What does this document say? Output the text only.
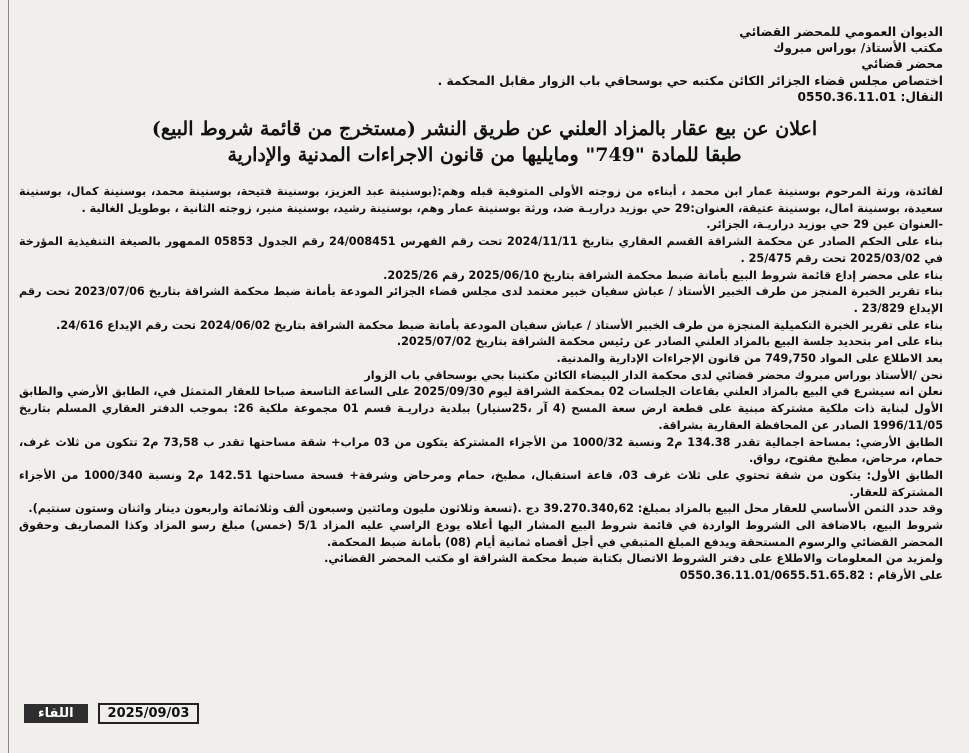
الديوان العمومي للمحضر القضائي
مكتب الأستاذ/ بوراس مبروك
محضر قضائي
اختصاص مجلس قضاء الجزائر الكائن مكتبه حي بوسحاقي باب الزوار مقابل المحكمة .
النقال: 0550.36.11.01
اعلان عن بيع عقار بالمزاد العلني عن طريق النشر (مستخرج من قائمة شروط البيع)
طبقا للمادة "749" ومايليها من قانون الاجراءات المدنية والإدارية

لفائدة، ورثة المرحوم بوسنينة عمار ابن محمد ، أبناءه من زوجته الأولى المتوفية قبله وهم:(بوسنينة عبد العزيز، بوسنينة فتيحة، بوسنينة محمد، بوسنينة كمال، بوسنينة سعيدة، بوسنينة امال، بوسنينة عتيقة، العنوان:29 حي بوزيد دراريـة ضد، ورثة بوسنينة عمار وهم، بوسنينة رشيد، بوسنينة منير، زوجته الثانية ، بوطويل الغالية .

-العنوان عين 29 حي بوزيد دراريـة، الجزائر.

بناء على الحكم الصادر عن محكمة الشراقة القسم العقاري بتاريخ 2024/11/11 تحت رقم الفهرس 24/008451 رقم الجدول 05853 الممهور بالصيغة التنفيذية المؤرخة في 2025/03/02 تحت رقم 25/475 .

بناء على محضر إداع قائمة شروط البيع بأمانة ضبط محكمة الشراقة بتاريخ 2025/06/10 رقم 2025/26.

بناء تقرير الخبرة المنجز من طرف الخبير الأستاذ / عباش سفيان خبير معتمد لدى مجلس قضاء الجزائر المودعة بأمانة ضبط محكمة الشراقة بتاريخ 2023/07/06 تحت رقم الإيداع 23/829 .

بناء على تقرير الخبرة التكميلية المنجزة من طرف الخبير الأستاذ / عباش سفيان المودعة بأمانة ضبط محكمة الشراقة بتاريخ 2024/06/02 تحت رقم الإيداع 24/616.

بناء على امر بتحديد جلسة البيع بالمزاد العلني الصادر عن رئيس محكمة الشراقة بتاريخ 2025/07/02.

بعد الاطلاع على المواد 749,750 من قانون الإجراءات الإدارية والمدنية.

نحن /الأستاذ بوراس مبروك محضر قضائي لدى محكمة الدار البيضاء الكائن مكتبنا بحي بوسحاقي باب الزوار

نعلن انه سيشرع في البيع بالمزاد العلني بقاعات الجلسات 02 بمحكمة الشراقة ليوم 2025/09/30 على الساعة التاسعة صباحا للعقار المتمثل في، الطابق الأرضي والطابق الأول لبناية ذات ملكية مشتركة مبنية على قطعة ارض سعة المسح (4 آر ،25سنيار) ببلدية دراريـة قسم 01 مجموعة ملكية 26: بموجب الدفتر العقاري المسلم بتاريخ 1996/11/05 الصادر عن المحافظة العقارية بشراقة.

الطابق الأرضي: بمساحة اجمالية تقدر 134.38 م2 ونسبة 1000/32 من الأجزاء المشتركة يتكون من 03 مراب+ شقة مساحتها تقدر ب 73,58 م2 تتكون من ثلاث غرف، حمام، مرحاض، مطبخ مفتوح، رواق.

الطابق الأول: يتكون من شقة تحتوي على ثلاث غرف 03، قاعة استقبال، مطبخ، حمام ومرحاض وشرفة+ فسحة مساحتها 142.51 م2 ونسبة 1000/340 من الأجزاء المشتركة للعقار.

وقد حدد الثمن الأساسي للعقار محل البيع بالمزاد بمبلغ: 39.270.340,62 دج .(تسعة وثلاثون مليون ومائتين وسبعون ألف وثلاثمائة واربعون دينار واثنان وستون سنتيم).

شروط البيع، بالاضافة الى الشروط الواردة في قائمة شروط البيع المشار اليها أعلاه يودع الراسي عليه المزاد 5/1 (خمس) مبلغ رسو المزاد وكذا المصاريف وحقوق المحضر القضائي والرسوم المستحقة ويدفع المبلغ المتبقي في أجل أقصاه ثمانية أيام (08) بأمانة ضبط المحكمة.

ولمزيد من المعلومات والاطلاع على دفتر الشروط الاتصال بكتابة ضبط محكمة الشراقة او مكتب المحضر القضائي.

على الأرقام : 0550.36.11.01/0655.51.65.82

اللقاء	2025/09/03
